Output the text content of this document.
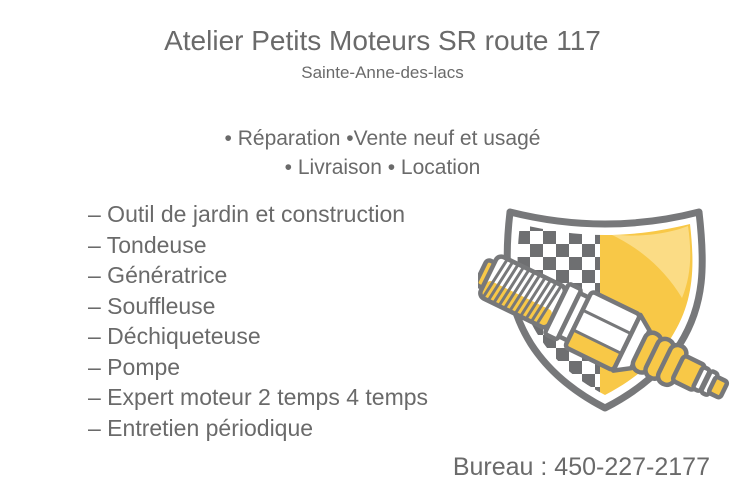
Atelier Petits Moteurs SR route 117
Sainte-Anne-des-lacs
• Réparation •Vente neuf et usagé
• Livraison • Location
– Outil de jardin et construction
– Tondeuse
– Génératrice
– Souffleuse
– Déchiqueteuse
– Pompe
– Expert moteur 2 temps 4 temps
– Entretien périodique
Bureau : 450-227-2177
